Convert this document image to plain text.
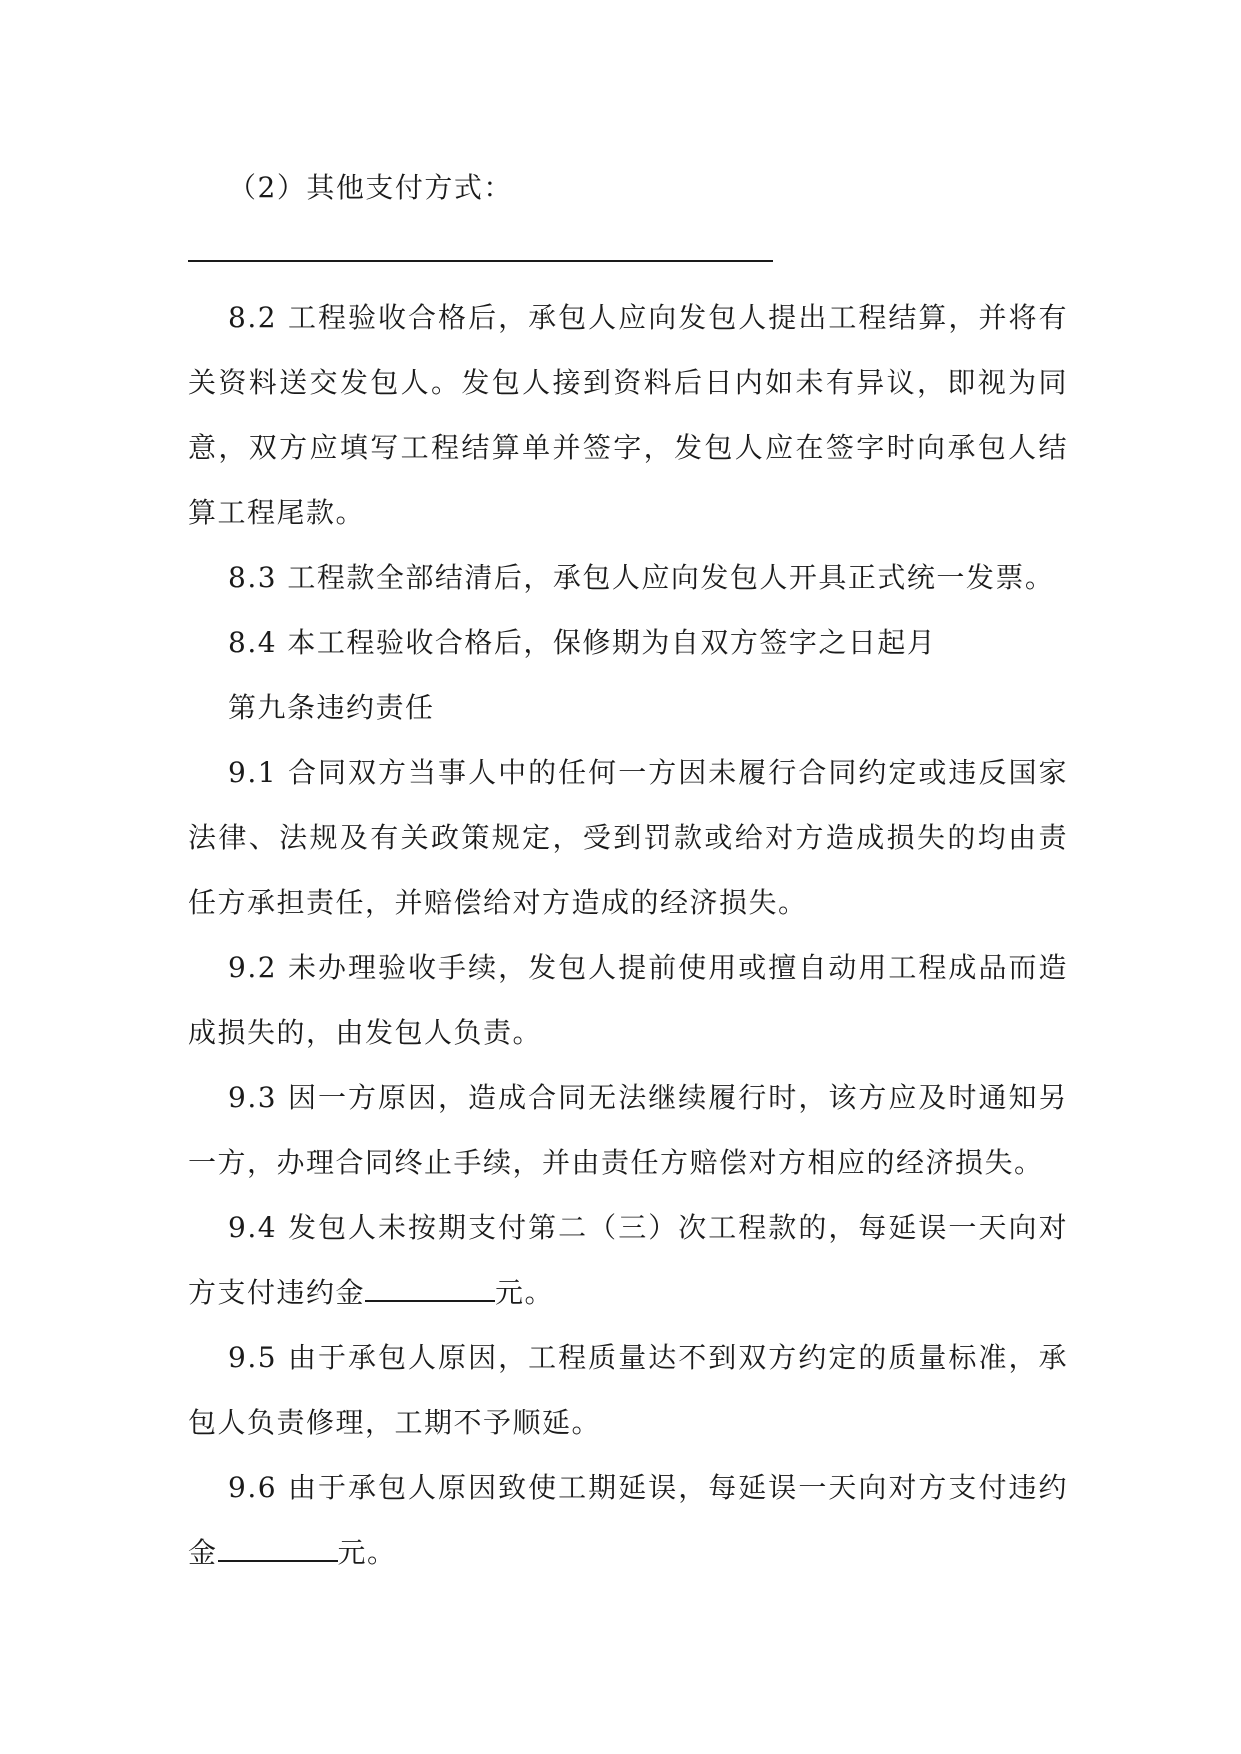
（2）其他支付方式：

8.2 工程验收合格后，承包人应向发包人提出工程结算，并将有关资料送交发包人。发包人接到资料后日内如未有异议，即视为同意，双方应填写工程结算单并签字，发包人应在签字时向承包人结算工程尾款。

8.3 工程款全部结清后，承包人应向发包人开具正式统一发票。

8.4 本工程验收合格后，保修期为自双方签字之日起月

第九条违约责任

9.1 合同双方当事人中的任何一方因未履行合同约定或违反国家法律、法规及有关政策规定，受到罚款或给对方造成损失的均由责任方承担责任，并赔偿给对方造成的经济损失。

9.2 未办理验收手续，发包人提前使用或擅自动用工程成品而造成损失的，由发包人负责。

9.3 因一方原因，造成合同无法继续履行时，该方应及时通知另一方，办理合同终止手续，并由责任方赔偿对方相应的经济损失。

9.4 发包人未按期支付第二（三）次工程款的，每延误一天向对方支付违约金	元。

9.5 由于承包人原因，工程质量达不到双方约定的质量标准，承包人负责修理，工期不予顺延。

9.6 由于承包人原因致使工期延误，每延误一天向对方支付违约金	元。
